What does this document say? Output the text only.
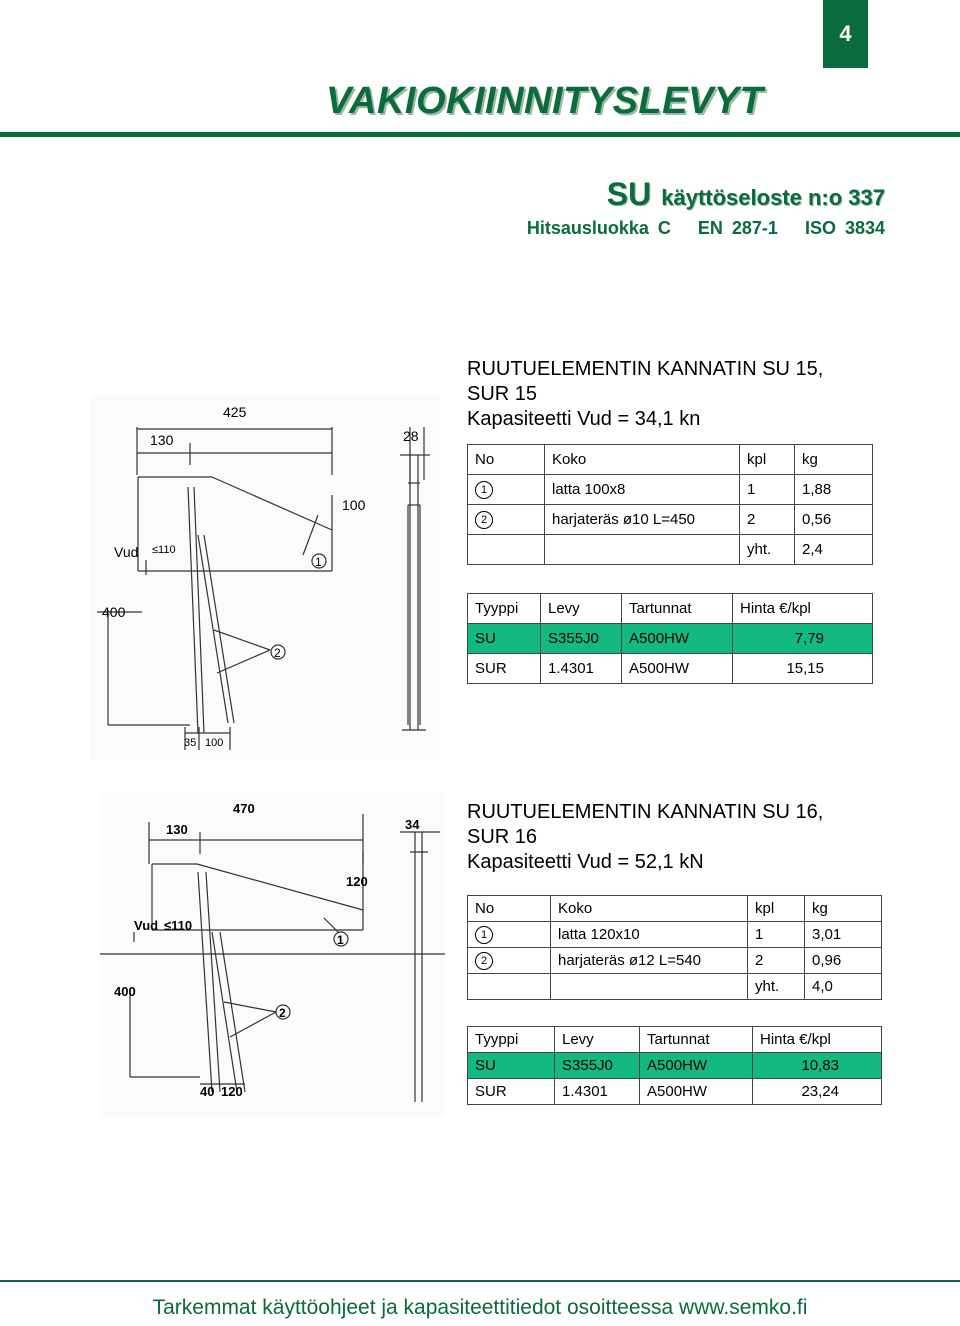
4
VAKIOKIINNITYSLEVYT
SU käyttöseloste n:o 337
Hitsausluokka C   EN 287-1   ISO 3834
RUUTUELEMENTIN KANNATIN SU 15,
SUR 15
Kapasiteetti Vud = 34,1 kn
425
130	28
100
Vud ≤110
400
35 100
1
2
No	Koko	kpl	kg
1	latta 100x8	1	1,88
2	harjateräs ø10 L=450	2	0,56
		yht.	2,4
Tyyppi	Levy	Tartunnat	Hinta €/kpl
SU	S355J0	A500HW	7,79
SUR	1.4301	A500HW	15,15
RUUTUELEMENTIN KANNATIN SU 16,
SUR 16
Kapasiteetti Vud = 52,1 kN
470
130	34
120
Vud ≤110
400
40 120
1
2
No	Koko	kpl	kg
1	latta 120x10	1	3,01
2	harjateräs ø12 L=540	2	0,96
		yht.	4,0
Tyyppi	Levy	Tartunnat	Hinta €/kpl
SU	S355J0	A500HW	10,83
SUR	1.4301	A500HW	23,24
Tarkemmat käyttöohjeet ja kapasiteettitiedot osoitteessa www.semko.fi
